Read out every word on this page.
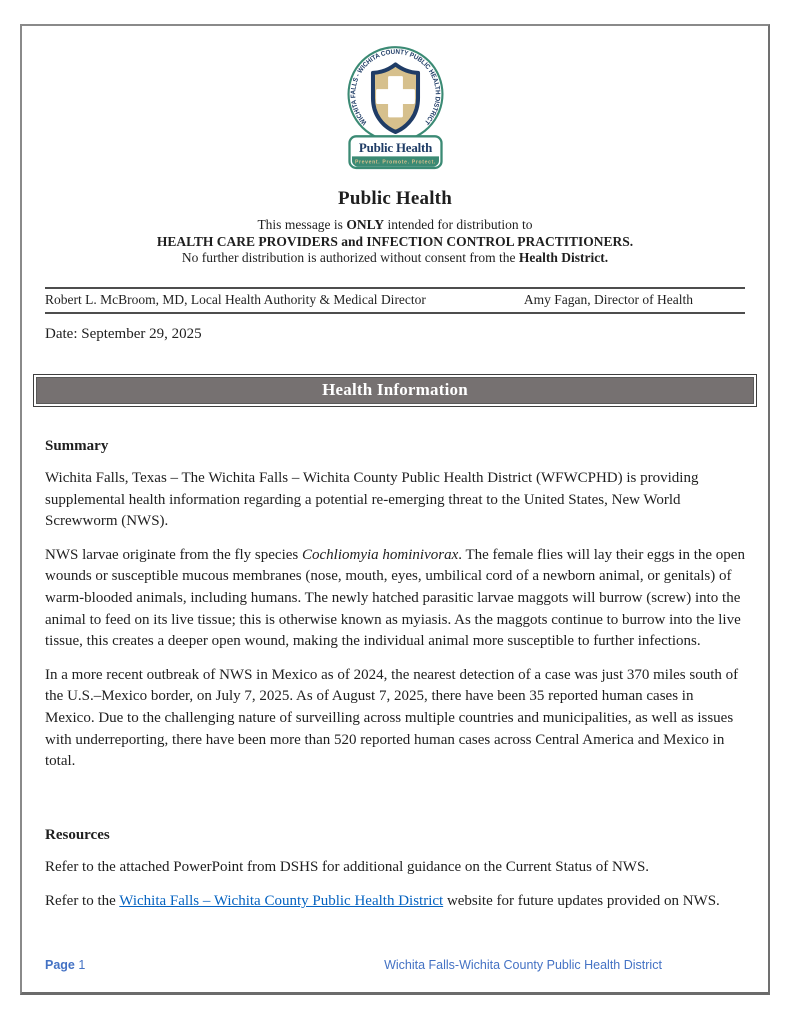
WICHITA FALLS - WICHITA COUNTY PUBLIC HEALTH DISTRICT
Public Health
Prevent. Promote. Protect.
Public Health
This message is ONLY intended for distribution to
HEALTH CARE PROVIDERS and INFECTION CONTROL PRACTITIONERS.
No further distribution is authorized without consent from the Health District.
Robert L. McBroom, MD, Local Health Authority & Medical Director	Amy Fagan, Director of Health
Date: September 29, 2025
Health Information
Summary

Wichita Falls, Texas – The Wichita Falls – Wichita County Public Health District (WFWCPHD) is providing supplemental health information regarding a potential re-emerging threat to the United States, New World Screwworm (NWS).

NWS larvae originate from the fly species Cochliomyia hominivorax. The female flies will lay their eggs in the open wounds or susceptible mucous membranes (nose, mouth, eyes, umbilical cord of a newborn animal, or genitals) of warm-blooded animals, including humans. The newly hatched parasitic larvae maggots will burrow (screw) into the animal to feed on its live tissue; this is otherwise known as myiasis. As the maggots continue to burrow into the live tissue, this creates a deeper open wound, making the individual animal more susceptible to further infections.

In a more recent outbreak of NWS in Mexico as of 2024, the nearest detection of a case was just 370 miles south of the U.S.–Mexico border, on July 7, 2025. As of August 7, 2025, there have been 35 reported human cases in Mexico. Due to the challenging nature of surveilling across multiple countries and municipalities, as well as issues with underreporting, there have been more than 520 reported human cases across Central America and Mexico in total.

Resources

Refer to the attached PowerPoint from DSHS for additional guidance on the Current Status of NWS.

Refer to the Wichita Falls – Wichita County Public Health District website for future updates provided on NWS.

Page 1	Wichita Falls-Wichita County Public Health District
